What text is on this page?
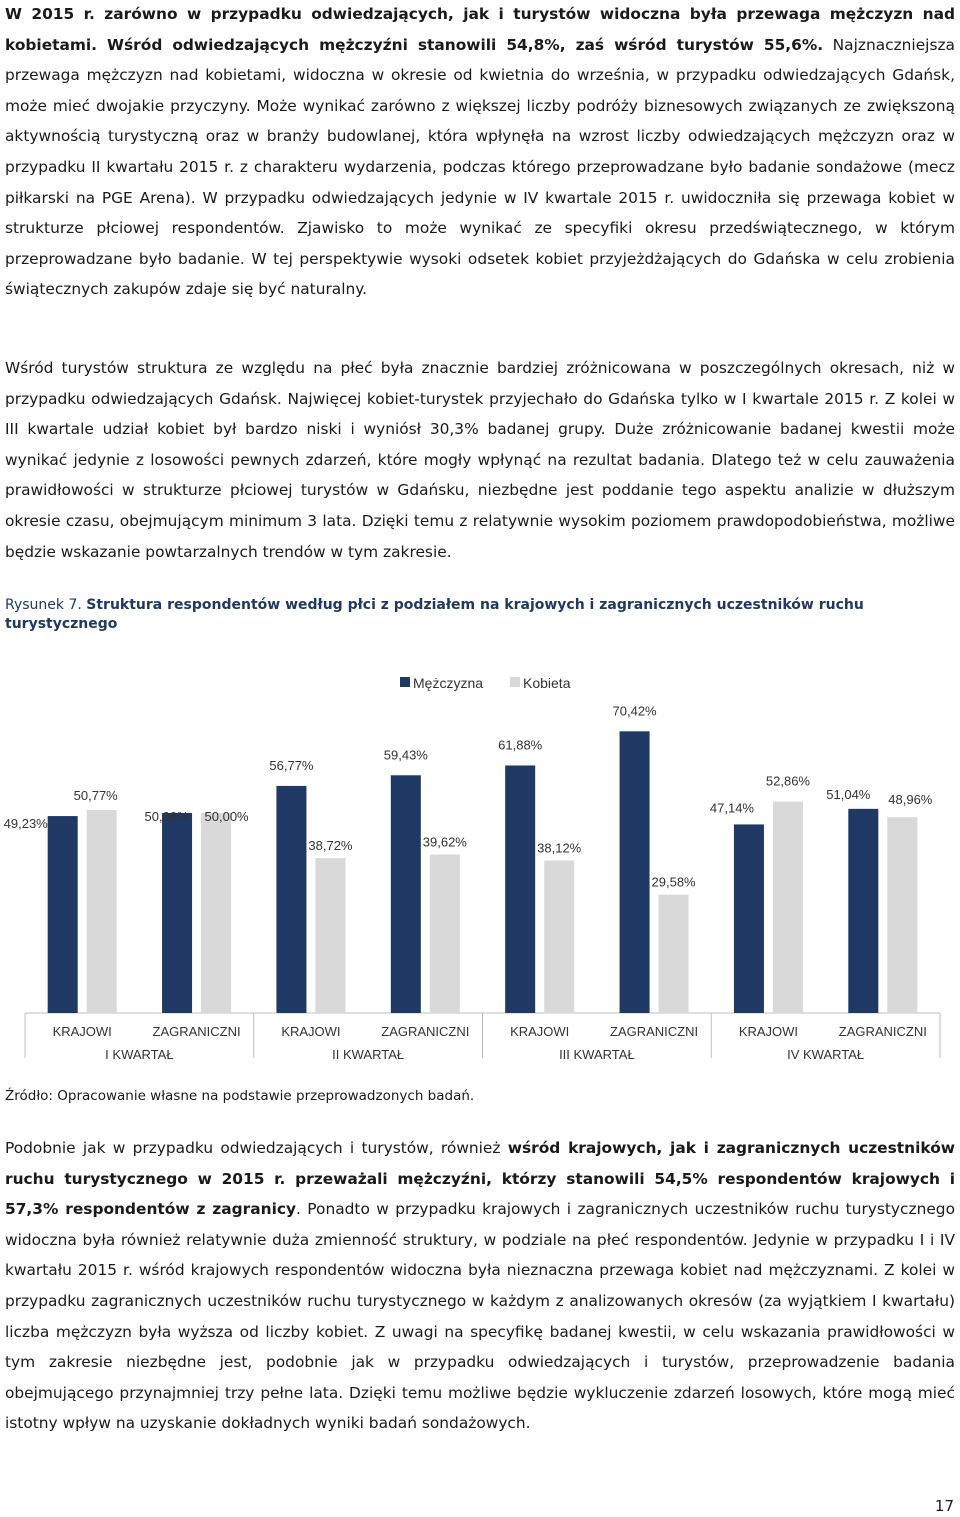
W 2015 r. zarówno w przypadku odwiedzających, jak i turystów widoczna była przewaga mężczyzn nad kobietami. Wśród odwiedzających mężczyźni stanowili 54,8%, zaś wśród turystów 55,6%. Najznaczniejsza przewaga mężczyzn nad kobietami, widoczna w okresie od kwietnia do września, w przypadku odwiedzających Gdańsk, może mieć dwojakie przyczyny. Może wynikać zarówno z większej liczby podróży biznesowych związanych ze zwiększoną aktywnością turystyczną oraz w branży budowlanej, która wpłynęła na wzrost liczby odwiedzających mężczyzn oraz w przypadku II kwartału 2015 r. z charakteru wydarzenia, podczas którego przeprowadzane było badanie sondażowe (mecz piłkarski na PGE Arena). W przypadku odwiedzających jedynie w IV kwartale 2015 r. uwidoczniła się przewaga kobiet w strukturze płciowej respondentów. Zjawisko to może wynikać ze specyfiki okresu przedświątecznego, w którym przeprowadzane było badanie. W tej perspektywie wysoki odsetek kobiet przyjeżdżających do Gdańska w celu zrobienia świątecznych zakupów zdaje się być naturalny.

Wśród turystów struktura ze względu na płeć była znacznie bardziej zróżnicowana w poszczególnych okresach, niż w przypadku odwiedzających Gdańsk. Najwięcej kobiet-turystek przyjechało do Gdańska tylko w I kwartale 2015 r. Z kolei w III kwartale udział kobiet był bardzo niski i wyniósł 30,3% badanej grupy. Duże zróżnicowanie badanej kwestii może wynikać jedynie z losowości pewnych zdarzeń, które mogły wpłynąć na rezultat badania. Dlatego też w celu zauważenia prawidłowości w strukturze płciowej turystów w Gdańsku, niezbędne jest poddanie tego aspektu analizie w dłuższym okresie czasu, obejmującym minimum 3 lata. Dzięki temu z relatywnie wysokim poziomem prawdopodobieństwa, możliwe będzie wskazanie powtarzalnych trendów w tym zakresie.

Rysunek 7. Struktura respondentów według płci z podziałem na krajowych i zagranicznych uczestników ruchu turystycznego

Mężczyzna	Kobieta
49,23%
50,77%
KRAJOWI
50,00% 50,00%
ZAGRANICZNI
56,77%
38,72%
KRAJOWI
59,43%
39,62%
ZAGRANICZNI
61,88%
38,12%
KRAJOWI
70,42%
29,58%
ZAGRANICZNI
47,14%
52,86%
KRAJOWI
51,04% 48,96%
ZAGRANICZNI
I KWARTAŁ	II KWARTAŁ	III KWARTAŁ	IV KWARTAŁ

Źródło: Opracowanie własne na podstawie przeprowadzonych badań.

Podobnie jak w przypadku odwiedzających i turystów, również wśród krajowych, jak i zagranicznych uczestników ruchu turystycznego w 2015 r. przeważali mężczyźni, którzy stanowili 54,5% respondentów krajowych i 57,3% respondentów z zagranicy. Ponadto w przypadku krajowych i zagranicznych uczestników ruchu turystycznego widoczna była również relatywnie duża zmienność struktury, w podziale na płeć respondentów. Jedynie w przypadku I i IV kwartału 2015 r. wśród krajowych respondentów widoczna była nieznaczna przewaga kobiet nad mężczyznami. Z kolei w przypadku zagranicznych uczestników ruchu turystycznego w każdym z analizowanych okresów (za wyjątkiem I kwartału) liczba mężczyzn była wyższa od liczby kobiet. Z uwagi na specyfikę badanej kwestii, w celu wskazania prawidłowości w tym zakresie niezbędne jest, podobnie jak w przypadku odwiedzających i turystów, przeprowadzenie badania obejmującego przynajmniej trzy pełne lata. Dzięki temu możliwe będzie wykluczenie zdarzeń losowych, które mogą mieć istotny wpływ na uzyskanie dokładnych wyniki badań sondażowych.

17
